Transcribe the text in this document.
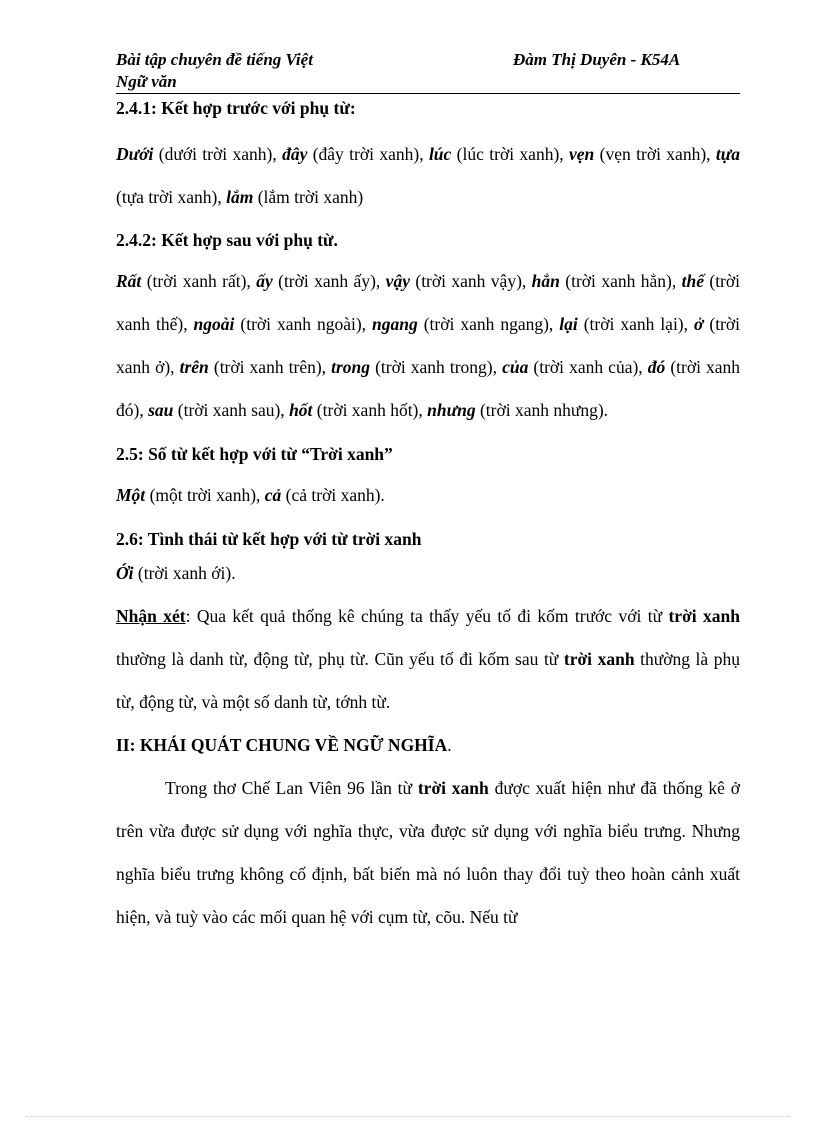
Bài tập chuyên đề tiếng Việt
Ngữ văn
Đàm Thị Duyên - K54A

2.4.1: Kết hợp trước với phụ từ:

Dưới (dưới trời xanh), đây (đây trời xanh), lúc (lúc trời xanh), vẹn (vẹn trời xanh), tựa (tựa trời xanh), lắm (lắm trời xanh)

2.4.2: Kết hợp sau với phụ từ.

Rất (trời xanh rất), ấy (trời xanh ấy), vậy (trời xanh vậy), hẳn (trời xanh hẳn), thế (trời xanh thế), ngoài (trời xanh ngoài), ngang (trời xanh ngang), lại (trời xanh lại), ở (trời xanh ở), trên (trời xanh trên), trong (trời xanh trong), của (trời xanh của), đó (trời xanh đó), sau (trời xanh sau), hốt (trời xanh hốt), nhưng (trời xanh nhưng).

2.5: Số từ kết hợp với từ “Trời xanh”

Một (một trời xanh), cả (cả trời xanh).

2.6: Tình thái từ kết hợp với từ trời xanh

Ới (trời xanh ới).

Nhận xét: Qua kết quả thống kê chúng ta thấy yếu tố đi kốm trước với từ trời xanh thường là danh từ, động từ, phụ từ. Cũn yếu tố đi kốm sau từ trời xanh thường là phụ từ, động từ, và một số danh từ, tớnh từ.

II: KHÁI QUÁT CHUNG VỀ NGỮ NGHĨA.

Trong thơ Chế Lan Viên 96 lần từ trời xanh được xuất hiện như đã thống kê ở trên vừa được sử dụng với nghĩa thực, vừa được sử dụng với nghĩa biểu trưng. Nhưng nghĩa biểu trưng không cố định, bất biến mà nó luôn thay đổi tuỳ theo hoàn cảnh xuất hiện, và tuỳ vào các mối quan hệ với cụm từ, cõu. Nếu từ
